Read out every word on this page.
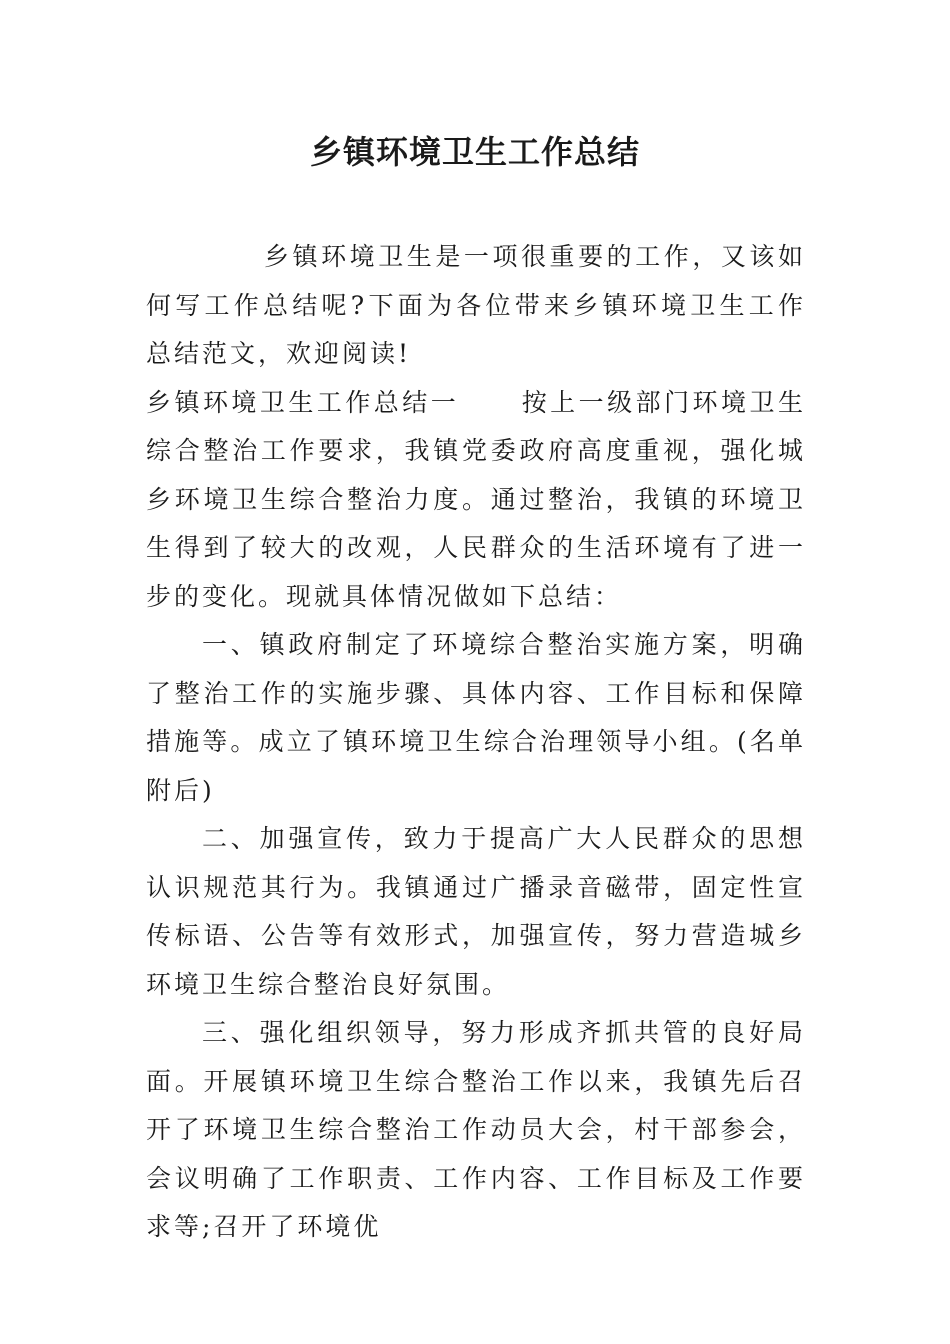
乡镇环境卫生工作总结

乡镇环境卫生是一项很重要的工作，又该如何写工作总结呢?下面为各位带来乡镇环境卫生工作总结范文，欢迎阅读!

乡镇环境卫生工作总结一 按上一级部门环境卫生综合整治工作要求，我镇党委政府高度重视，强化城乡环境卫生综合整治力度。通过整治，我镇的环境卫生得到了较大的改观，人民群众的生活环境有了进一步的变化。现就具体情况做如下总结：

一、镇政府制定了环境综合整治实施方案，明确了整治工作的实施步骤、具体内容、工作目标和保障措施等。成立了镇环境卫生综合治理领导小组。(名单附后)

二、加强宣传，致力于提高广大人民群众的思想认识规范其行为。我镇通过广播录音磁带，固定性宣传标语、公告等有效形式，加强宣传，努力营造城乡环境卫生综合整治良好氛围。

三、强化组织领导，努力形成齐抓共管的良好局面。开展镇环境卫生综合整治工作以来，我镇先后召开了环境卫生综合整治工作动员大会，村干部参会，会议明确了工作职责、工作内容、工作目标及工作要求等;召开了环境优
